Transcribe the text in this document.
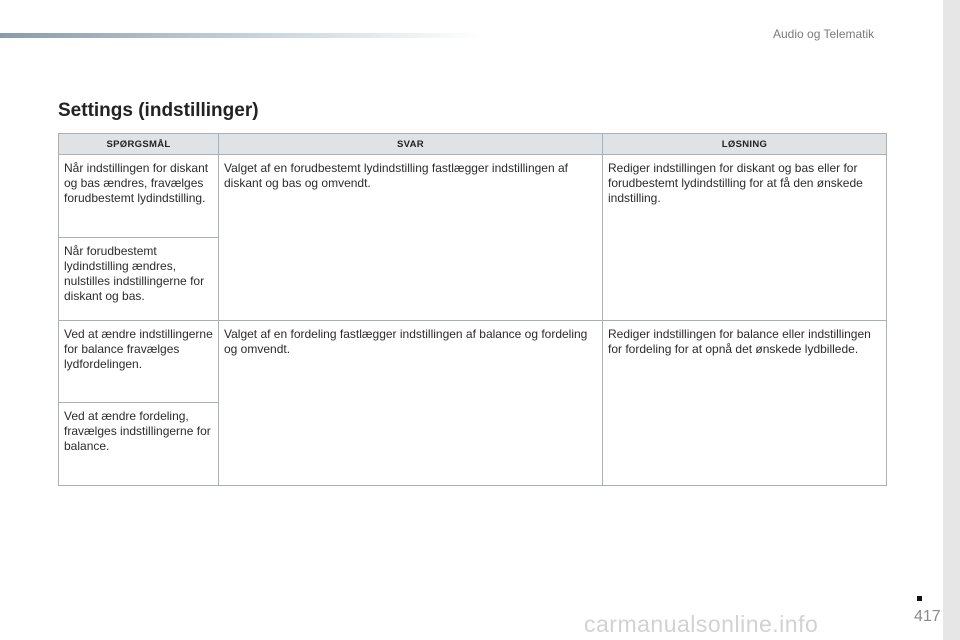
Audio og Telematik
Settings (indstillinger)
SPØRGSMÅL	SVAR	LØSNING
Når indstillingen for diskant og bas ændres, fravælges forudbestemt lydindstilling.	Valget af en forudbestemt lydindstilling fastlægger indstillingen af diskant og bas og omvendt.	Rediger indstillingen for diskant og bas eller for forudbestemt lydindstilling for at få den ønskede indstilling.
Når forudbestemt lydindstilling ændres, nulstilles indstillingerne for diskant og bas.		
Ved at ændre indstillingerne for balance fravælges lydfordelingen.	Valget af en fordeling fastlægger indstillingen af balance og fordeling og omvendt.	Rediger indstillingen for balance eller indstillingen for fordeling for at opnå det ønskede lydbillede.
Ved at ændre fordeling, fravælges indstillingerne for balance.		
carmanualsonline.info	417
